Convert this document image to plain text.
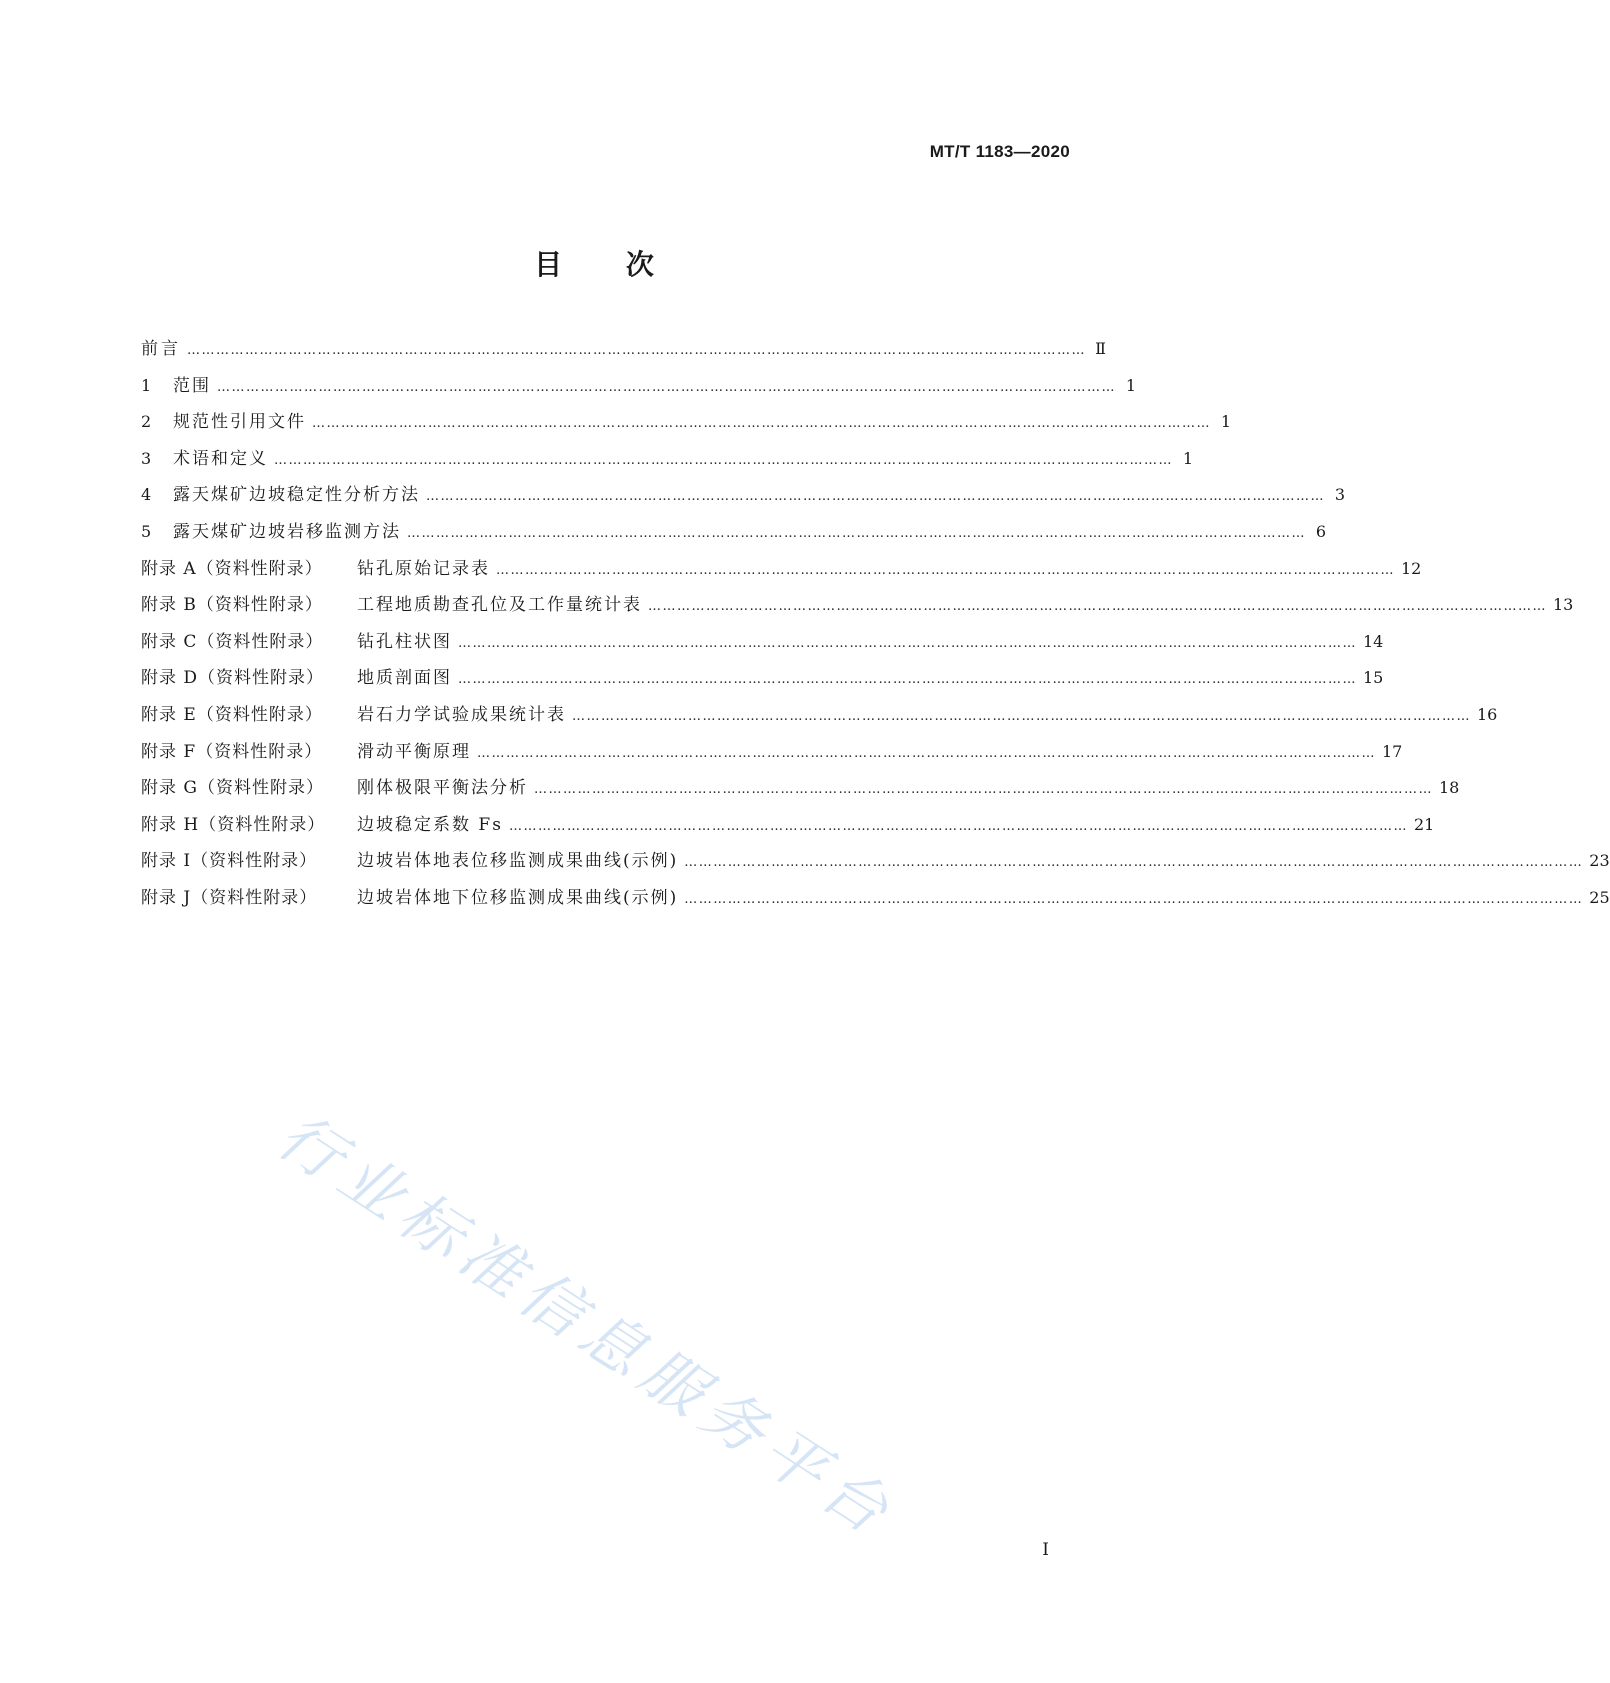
MT/T 1183—2020
目 次
前言 …………………………………………………………………………………………………………………………………………………………………… Ⅱ
1	范围 …………………………………………………………………………………………………………………………………………………………………… 1
2	规范性引用文件 …………………………………………………………………………………………………………………………………………………………………… 1
3	术语和定义 …………………………………………………………………………………………………………………………………………………………………… 1
4	露天煤矿边坡稳定性分析方法 …………………………………………………………………………………………………………………………………………………………………… 3
5	露天煤矿边坡岩移监测方法 …………………………………………………………………………………………………………………………………………………………………… 6
附录 A（资料性附录）	钻孔原始记录表 …………………………………………………………………………………………………………………………………………………………………… 12
附录 B（资料性附录）	工程地质勘查孔位及工作量统计表 …………………………………………………………………………………………………………………………………………………………………… 13
附录 C（资料性附录）	钻孔柱状图 …………………………………………………………………………………………………………………………………………………………………… 14
附录 D（资料性附录）	地质剖面图 …………………………………………………………………………………………………………………………………………………………………… 15
附录 E（资料性附录）	岩石力学试验成果统计表 …………………………………………………………………………………………………………………………………………………………………… 16
附录 F（资料性附录）	滑动平衡原理 …………………………………………………………………………………………………………………………………………………………………… 17
附录 G（资料性附录）	刚体极限平衡法分析 …………………………………………………………………………………………………………………………………………………………………… 18
附录 H（资料性附录）	边坡稳定系数 Fs …………………………………………………………………………………………………………………………………………………………………… 21
附录 I（资料性附录）	边坡岩体地表位移监测成果曲线(示例) …………………………………………………………………………………………………………………………………………………………………… 23
附录 J（资料性附录）	边坡岩体地下位移监测成果曲线(示例) …………………………………………………………………………………………………………………………………………………………………… 25
I
行业标准信息服务平台
